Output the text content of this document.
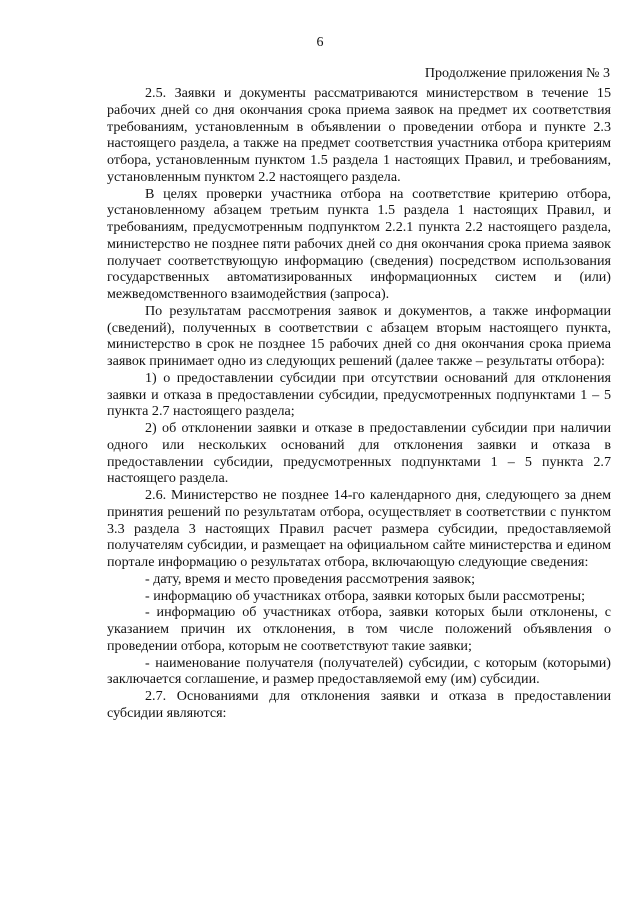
6
Продолжение приложения № 3

2.5. Заявки и документы рассматриваются министерством в течение 15 рабочих дней со дня окончания срока приема заявок на предмет их соответствия требованиям, установленным в объявлении о проведении отбора и пункте 2.3 настоящего раздела, а также на предмет соответствия участника отбора критериям отбора, установленным пунктом 1.5 раздела 1 настоящих Правил, и требованиям, установленным пунктом 2.2 настоящего раздела.

В целях проверки участника отбора на соответствие критерию отбора, установленному абзацем третьим пункта 1.5 раздела 1 настоящих Правил, и требованиям, предусмотренным подпунктом 2.2.1 пункта 2.2 настоящего раздела, министерство не позднее пяти рабочих дней со дня окончания срока приема заявок получает соответствующую информацию (сведения) посредством использования государственных автоматизированных информационных систем и (или) межведомственного взаимодействия (запроса).

По результатам рассмотрения заявок и документов, а также информации (сведений), полученных в соответствии с абзацем вторым настоящего пункта, министерство в срок не позднее 15 рабочих дней со дня окончания срока приема заявок принимает одно из следующих решений (далее также – результаты отбора):

1) о предоставлении субсидии при отсутствии оснований для отклонения заявки и отказа в предоставлении субсидии, предусмотренных подпунктами 1 – 5 пункта 2.7 настоящего раздела;

2) об отклонении заявки и отказе в предоставлении субсидии при наличии одного или нескольких оснований для отклонения заявки и отказа в предоставлении субсидии, предусмотренных подпунктами 1 – 5 пункта 2.7 настоящего раздела.

2.6. Министерство не позднее 14-го календарного дня, следующего за днем принятия решений по результатам отбора, осуществляет в соответствии с пунктом 3.3 раздела 3 настоящих Правил расчет размера субсидии, предоставляемой получателям субсидии, и размещает на официальном сайте министерства и едином портале информацию о результатах отбора, включающую следующие сведения:

- дату, время и место проведения рассмотрения заявок;

- информацию об участниках отбора, заявки которых были рассмотрены;

- информацию об участниках отбора, заявки которых были отклонены, с указанием причин их отклонения, в том числе положений объявления о проведении отбора, которым не соответствуют такие заявки;

- наименование получателя (получателей) субсидии, с которым (которыми) заключается соглашение, и размер предоставляемой ему (им) субсидии.

2.7. Основаниями для отклонения заявки и отказа в предоставлении субсидии являются:
